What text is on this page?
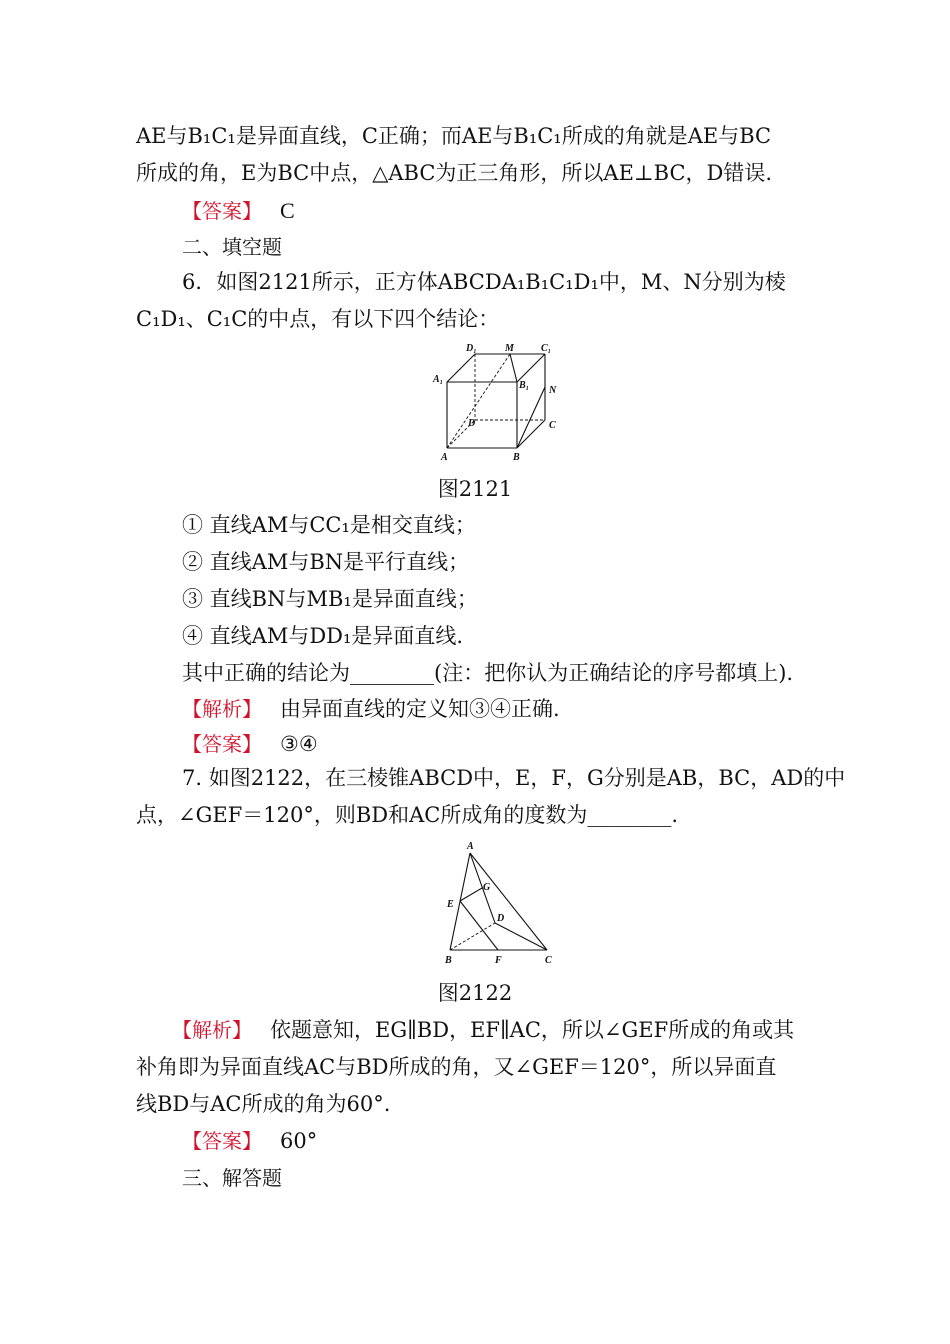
AE与B₁C₁是异面直线，C正确；而AE与B₁C₁所成的角就是AE与BC
所成的角，E为BC中点，△ABC为正三角形，所以AE⊥BC，D错误.
【答案】 C
二、填空题
6．如图2121所示，正方体ABCDA₁B₁C₁D₁中，M、N分别为棱
C₁D₁、C₁C的中点，有以下四个结论：
D₁	M	C₁
A₁
B₁ N
D	C
A	B
图2121
① 直线AM与CC₁是相交直线；
② 直线AM与BN是平行直线；
③ 直线BN与MB₁是异面直线；
④ 直线AM与DD₁是异面直线.
其中正确的结论为________(注：把你认为正确结论的序号都填上).
【解析】 由异面直线的定义知③④正确.
【答案】 ③④
7. 如图2122，在三棱锥ABCD中，E，F，G分别是AB，BC，AD的中
点，∠GEF＝120°，则BD和AC所成角的度数为________.
A
G
E
D
B	F	C
图2122
【解析】 依题意知，EG∥BD，EF∥AC，所以∠GEF所成的角或其
补角即为异面直线AC与BD所成的角，又∠GEF＝120°，所以异面直
线BD与AC所成的角为60°.
【答案】 60°
三、解答题
